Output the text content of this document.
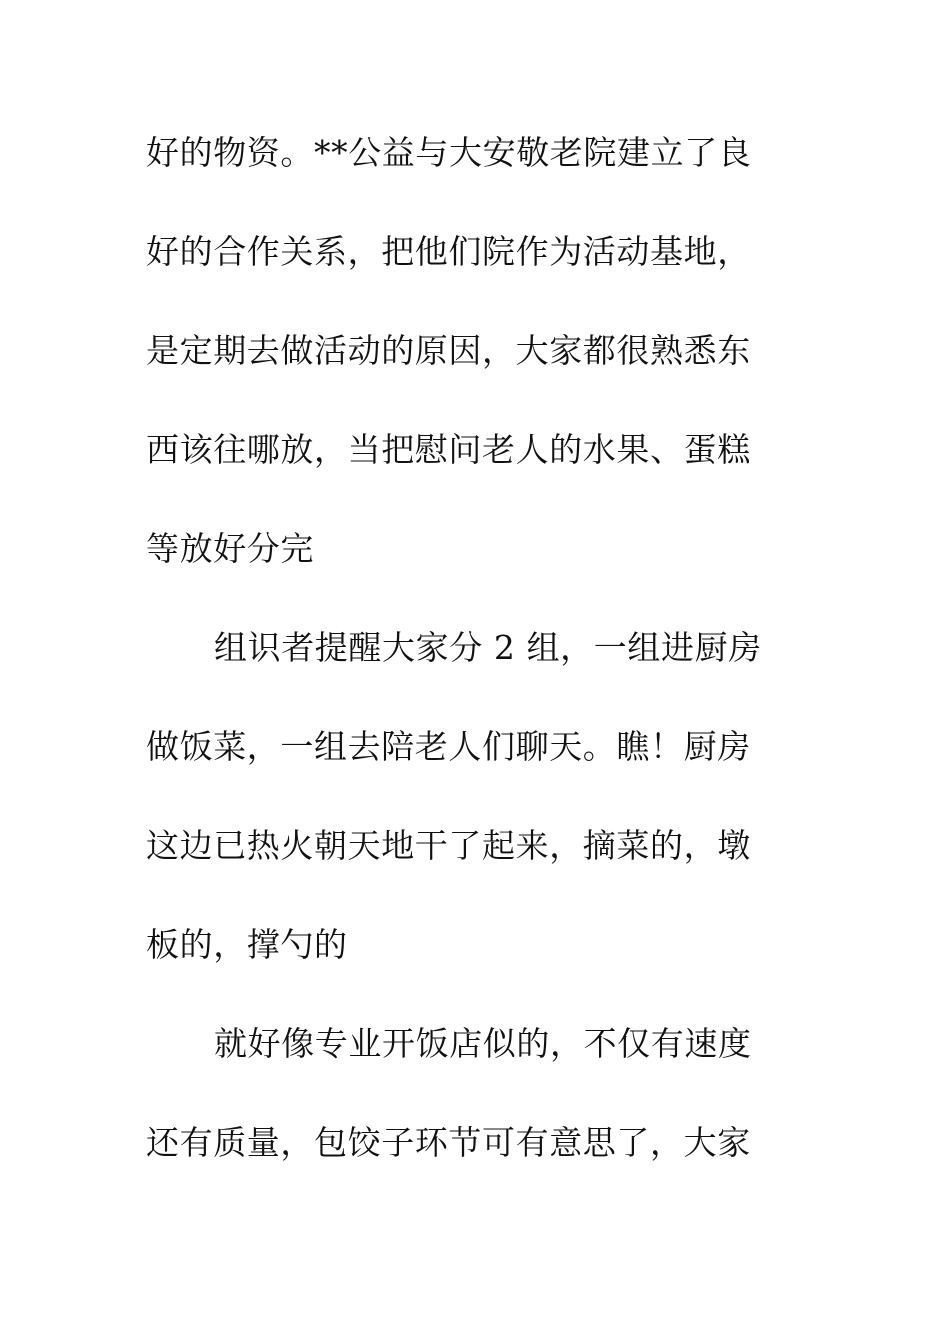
好的物资。**公益与大安敬老院建立了良
好的合作关系，把他们院作为活动基地，
是定期去做活动的原因，大家都很熟悉东
西该往哪放，当把慰问老人的水果、蛋糕
等放好分完
组识者提醒大家分 2 组，一组进厨房
做饭菜，一组去陪老人们聊天。瞧！厨房
这边已热火朝天地干了起来，摘菜的，墩
板的，撑勺的
就好像专业开饭店似的，不仅有速度
还有质量，包饺子环节可有意思了，大家
